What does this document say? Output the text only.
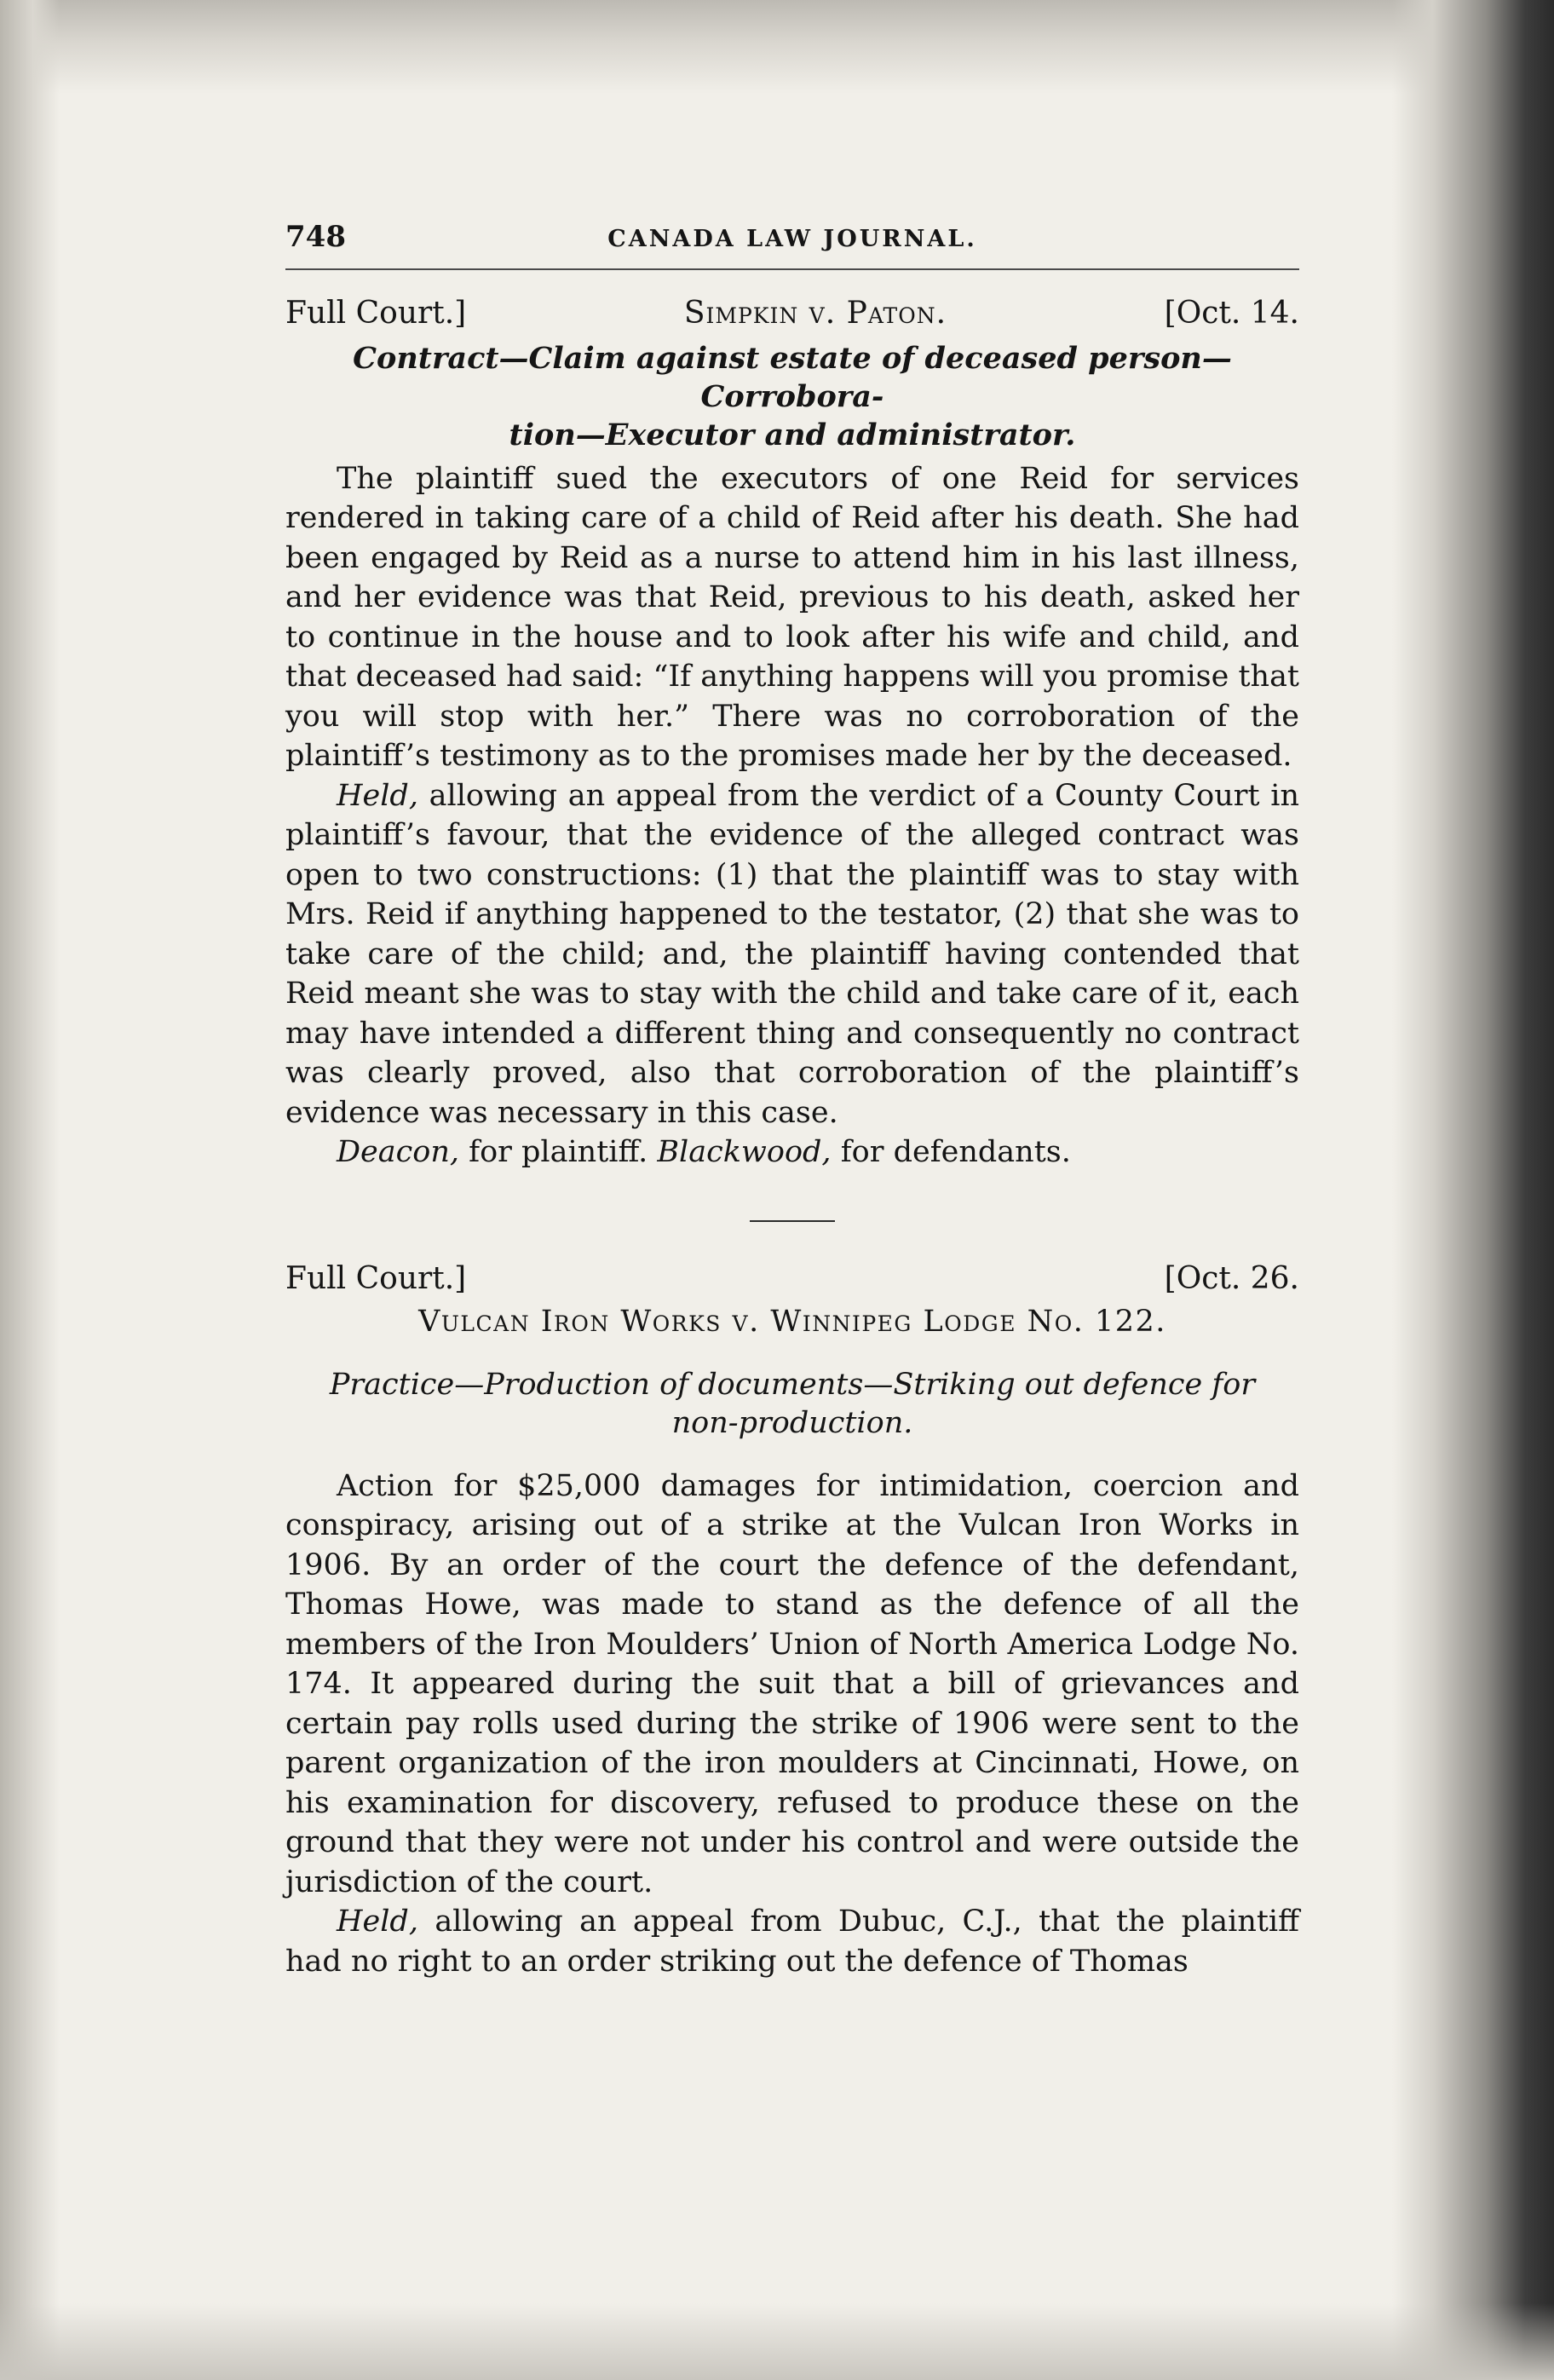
748	CANADA LAW JOURNAL.
Full Court.]	Simpkin v. Paton.	[Oct. 14.
Contract—Claim against estate of deceased person—Corrobora-
tion—Executor and administrator.

The plaintiff sued the executors of one Reid for services rendered in taking care of a child of Reid after his death. She had been engaged by Reid as a nurse to attend him in his last illness, and her evidence was that Reid, previous to his death, asked her to continue in the house and to look after his wife and child, and that deceased had said: “If anything happens will you promise that you will stop with her.” There was no corroboration of the plaintiff’s testimony as to the promises made her by the deceased.

Held, allowing an appeal from the verdict of a County Court in plaintiff’s favour, that the evidence of the alleged contract was open to two constructions: (1) that the plaintiff was to stay with Mrs. Reid if anything happened to the testator, (2) that she was to take care of the child; and, the plaintiff having contended that Reid meant she was to stay with the child and take care of it, each may have intended a different thing and consequently no contract was clearly proved, also that corroboration of the plaintiff’s evidence was necessary in this case.

Deacon, for plaintiff. Blackwood, for defendants.

Full Court.]	[Oct. 26.
Vulcan Iron Works v. Winnipeg Lodge No. 122.
Practice—Production of documents—Striking out defence for
non-production.

Action for $25,000 damages for intimidation, coercion and conspiracy, arising out of a strike at the Vulcan Iron Works in 1906. By an order of the court the defence of the defendant, Thomas Howe, was made to stand as the defence of all the members of the Iron Moulders’ Union of North America Lodge No. 174. It appeared during the suit that a bill of grievances and certain pay rolls used during the strike of 1906 were sent to the parent organization of the iron moulders at Cincinnati, Howe, on his examination for discovery, refused to produce these on the ground that they were not under his control and were outside the jurisdiction of the court.

Held, allowing an appeal from Dubuc, C.J., that the plaintiff had no right to an order striking out the defence of Thomas
